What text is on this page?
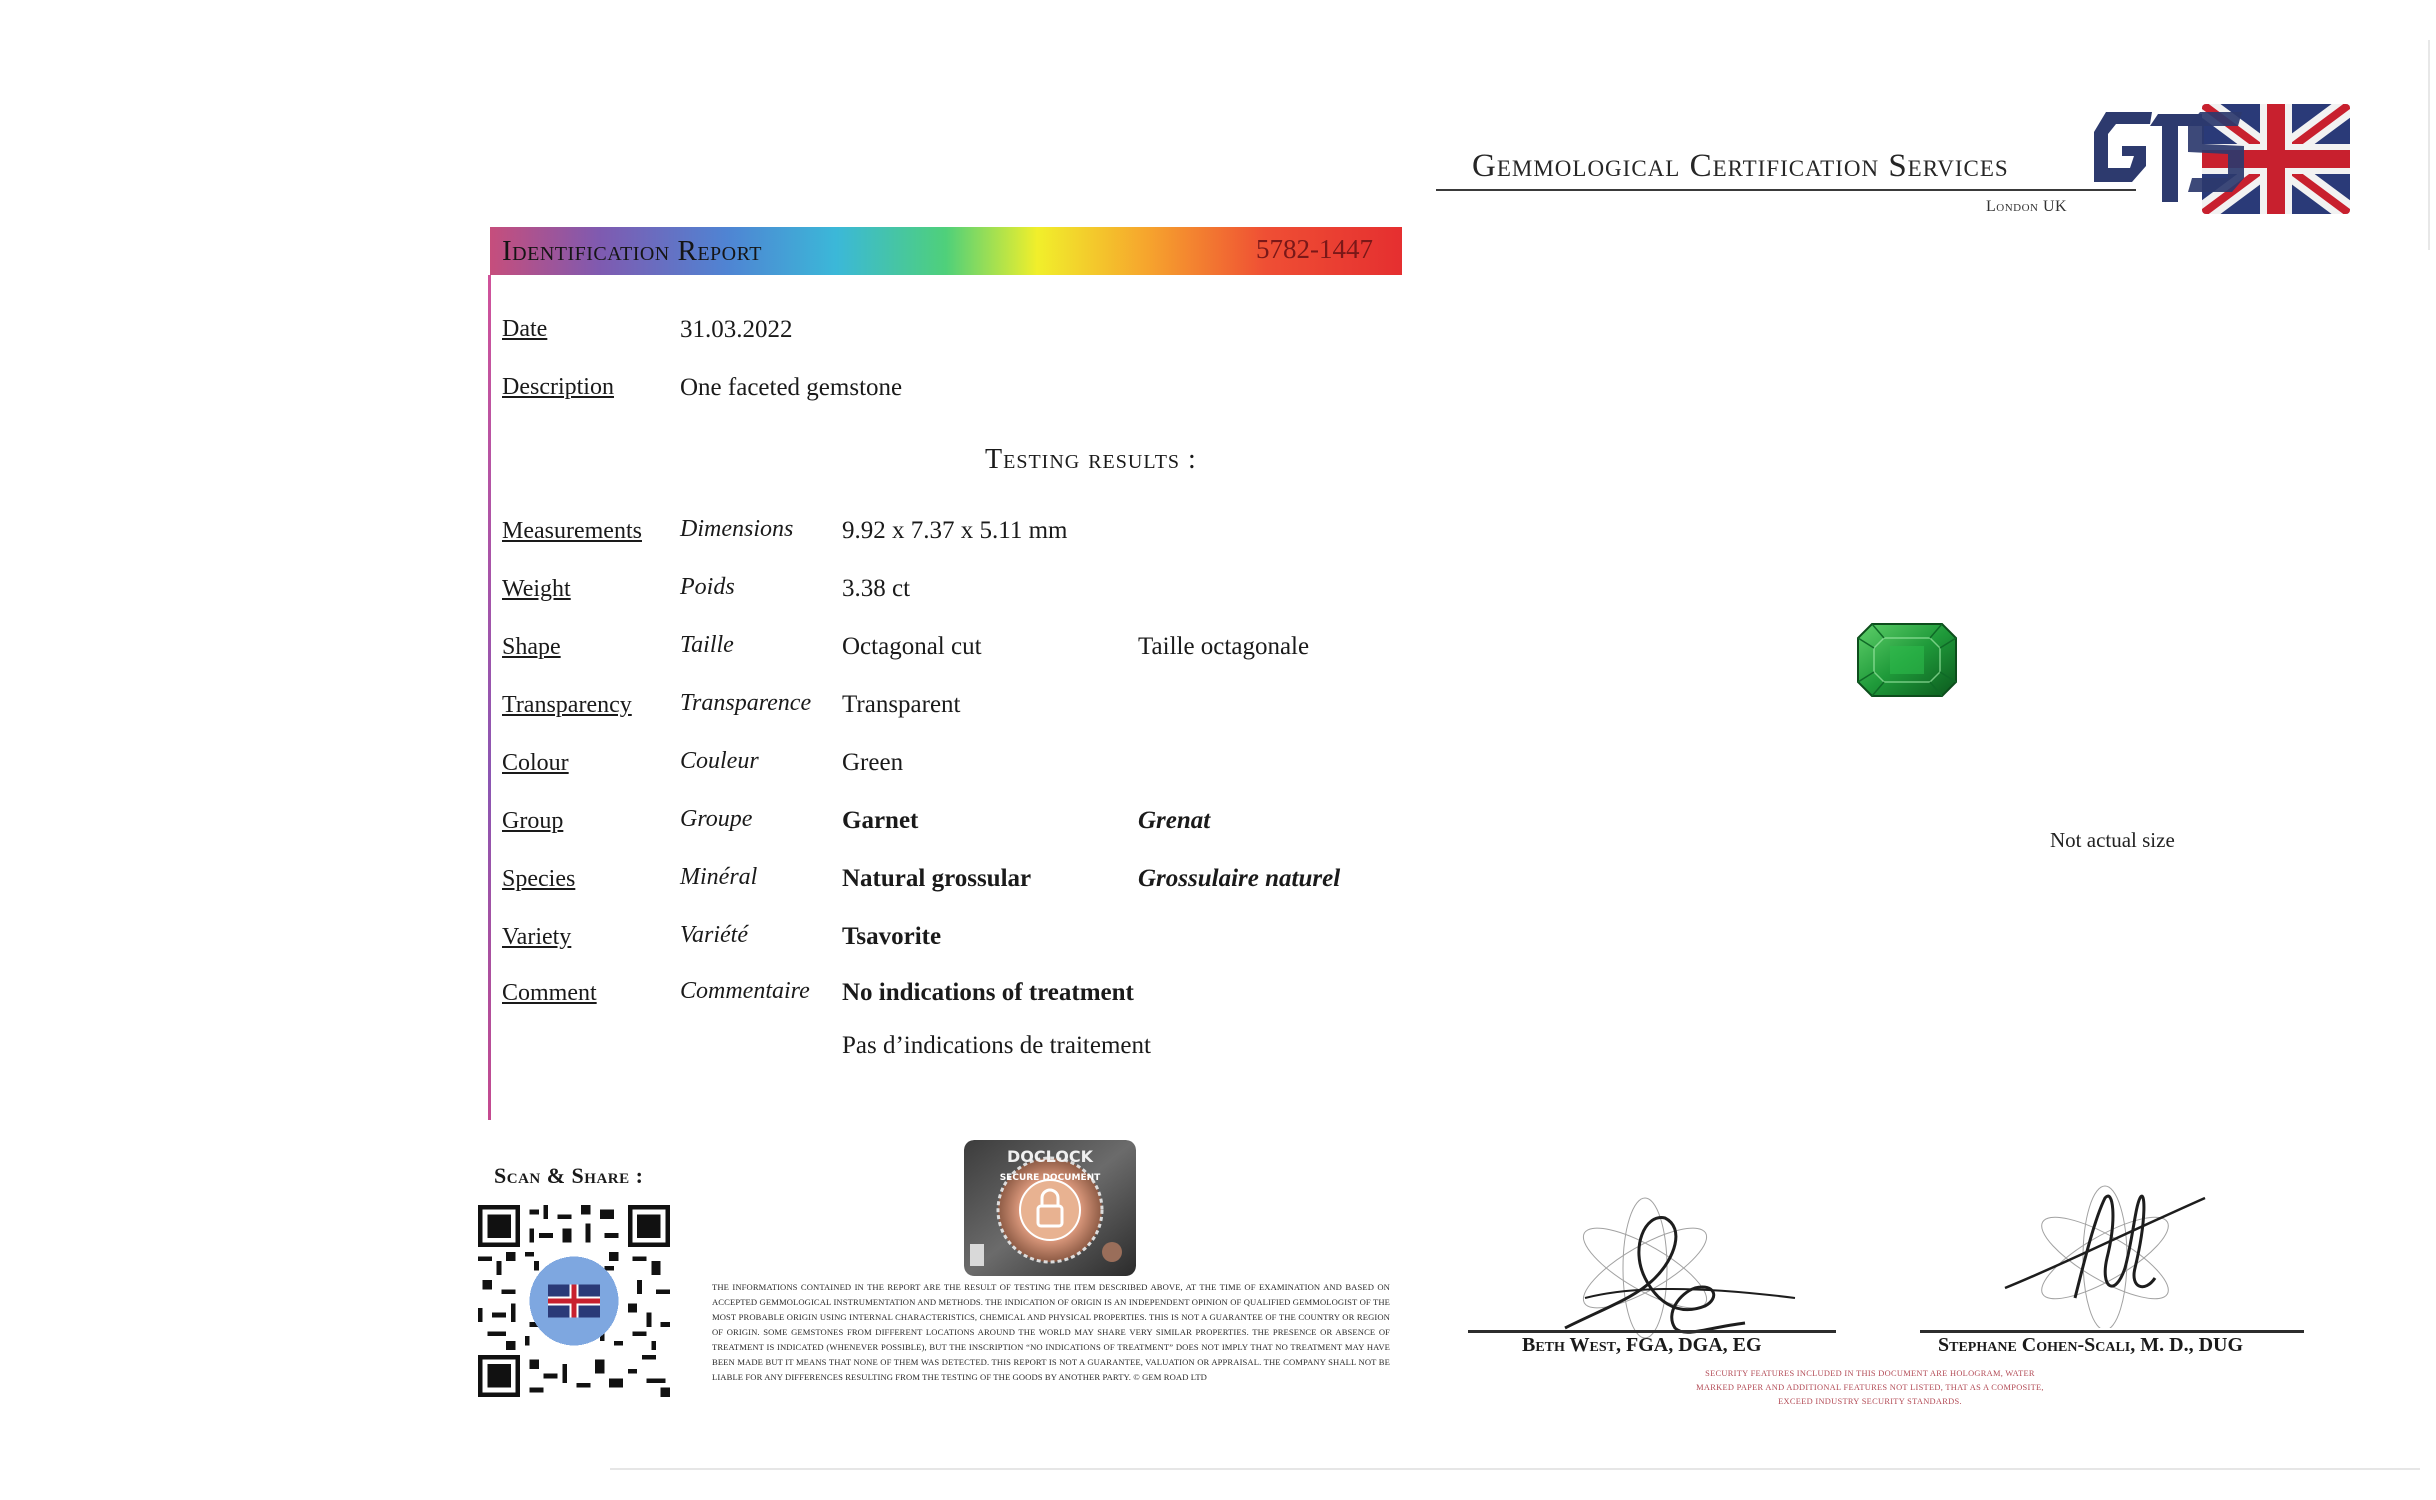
Gemmological Certification Services
London UK
Identification Report	5782-1447
Date	31.03.2022
Description	One faceted gemstone
Testing results :
Measurements Dimensions 9.92 x 7.37 x 5.11 mm
Weight	Poids	3.38 ct
Shape	Taille	Octagonal cut	Taille octagonale
Transparency Transparence Transparent
Colour	Couleur	Green
Group	Groupe	Garnet	Grenat
Species	Minéral	Natural grossular	Grossulaire naturel
Variety	Variété	Tsavorite
Comment	Commentaire No indications of treatment
Pas d’indications de traitement
Not actual size
Scan & Share :
DOCLOCK
SECURE DOCUMENT
THE INFORMATIONS CONTAINED IN THE REPORT ARE THE RESULT OF TESTING THE ITEM DESCRIBED ABOVE, AT THE TIME OF EXAMINATION AND BASED ON ACCEPTED GEMMOLOGICAL INSTRUMENTATION AND METHODS. THE INDICATION OF ORIGIN IS AN INDEPENDENT OPINION OF QUALIFIED GEMMOLOGIST OF THE MOST PROBABLE ORIGIN USING INTERNAL CHARACTERISTICS, CHEMICAL AND PHYSICAL PROPERTIES. THIS IS NOT A GUARANTEE OF THE COUNTRY OR REGION OF ORIGIN. SOME GEMSTONES FROM DIFFERENT LOCATIONS AROUND THE WORLD MAY SHARE VERY SIMILAR PROPERTIES. THE PRESENCE OR ABSENCE OF TREATMENT IS INDICATED (WHENEVER POSSIBLE), BUT THE INSCRIPTION “NO INDICATIONS OF TREATMENT” DOES NOT IMPLY THAT NO TREATMENT MAY HAVE BEEN MADE BUT IT MEANS THAT NONE OF THEM WAS DETECTED. THIS REPORT IS NOT A GUARANTEE, VALUATION OR APPRAISAL. THE COMPANY SHALL NOT BE LIABLE FOR ANY DIFFERENCES RESULTING FROM THE TESTING OF THE GOODS BY ANOTHER PARTY. © GEM ROAD LTD
Beth West, FGA, DGA, EG	Stephane Cohen-Scali, M. D., DUG
SECURITY FEATURES INCLUDED IN THIS DOCUMENT ARE HOLOGRAM, WATER MARKED PAPER AND ADDITIONAL FEATURES NOT LISTED, THAT AS A COMPOSITE, EXCEED INDUSTRY SECURITY STANDARDS.
